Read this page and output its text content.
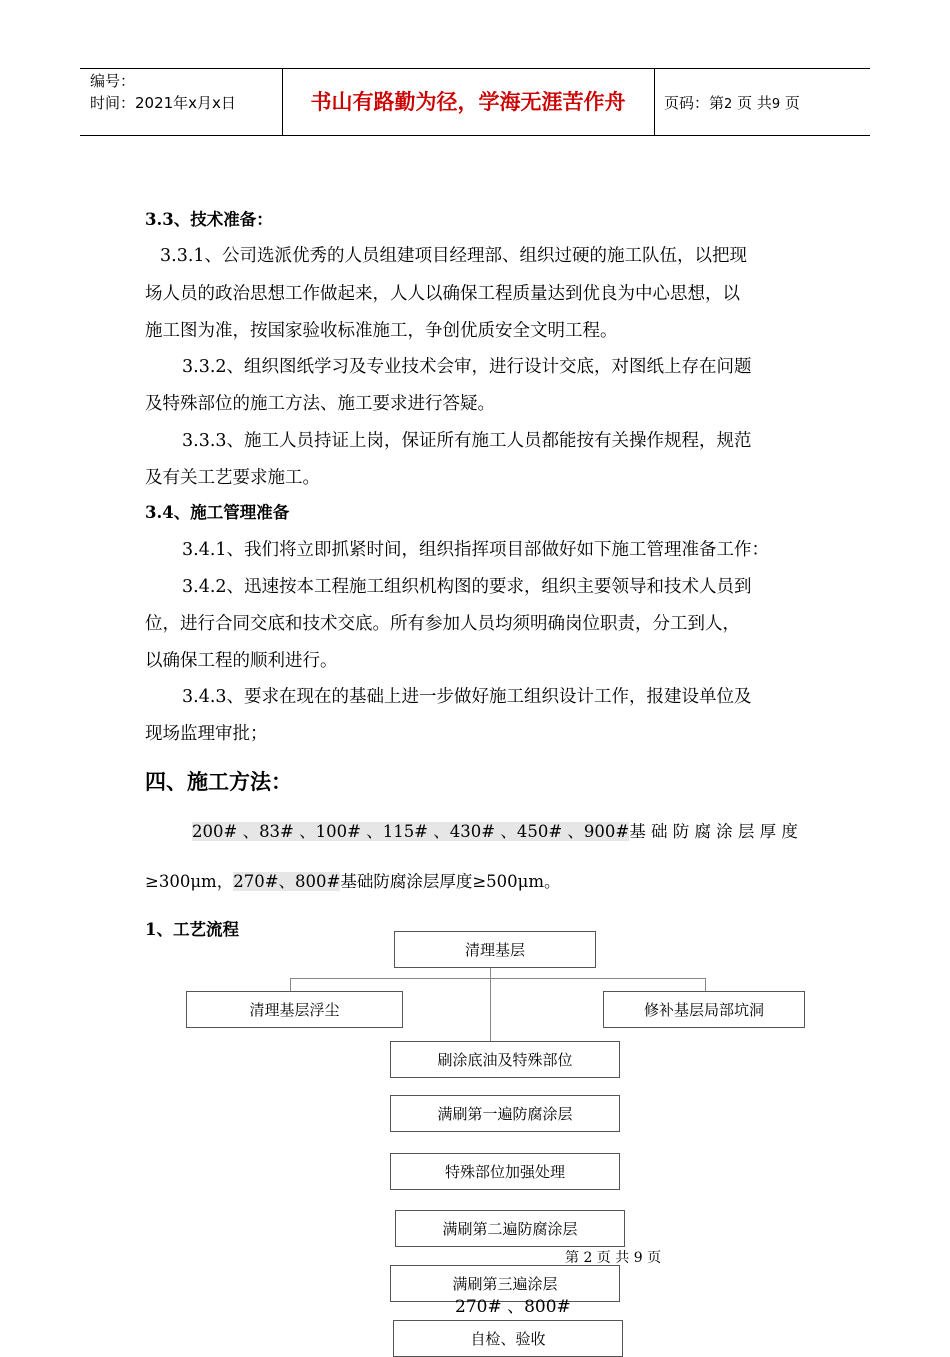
编号：
时间：2021年x月x日	书山有路勤为径，学海无涯苦作舟	页码：第2 页 共9 页
3.3、技术准备：
3.3.1、公司选派优秀的人员组建项目经理部、组织过硬的施工队伍，以把现
场人员的政治思想工作做起来，人人以确保工程质量达到优良为中心思想，以
施工图为准，按国家验收标准施工，争创优质安全文明工程。
3.3.2、组织图纸学习及专业技术会审，进行设计交底，对图纸上存在问题
及特殊部位的施工方法、施工要求进行答疑。
3.3.3、施工人员持证上岗，保证所有施工人员都能按有关操作规程，规范
及有关工艺要求施工。
3.4、施工管理准备
3.4.1、我们将立即抓紧时间，组织指挥项目部做好如下施工管理准备工作：
3.4.2、迅速按本工程施工组织机构图的要求，组织主要领导和技术人员到
位，进行合同交底和技术交底。所有参加人员均须明确岗位职责，分工到人，
以确保工程的顺利进行。
3.4.3、要求在现在的基础上进一步做好施工组织设计工作，报建设单位及
现场监理审批；
四、施工方法：
200# 、83# 、100# 、115# 、430# 、450# 、900#基 础 防 腐 涂 层 厚 度
≥300μm，270#、800#基础防腐涂层厚度≥500μm。
1、工艺流程
清理基层
清理基层浮尘	修补基层局部坑洞
刷涂底油及特殊部位
满刷第一遍防腐涂层
特殊部位加强处理
满刷第二遍防腐涂层
满刷第三遍涂层
自检、验收
第 2 页 共 9 页
270# 、800#
